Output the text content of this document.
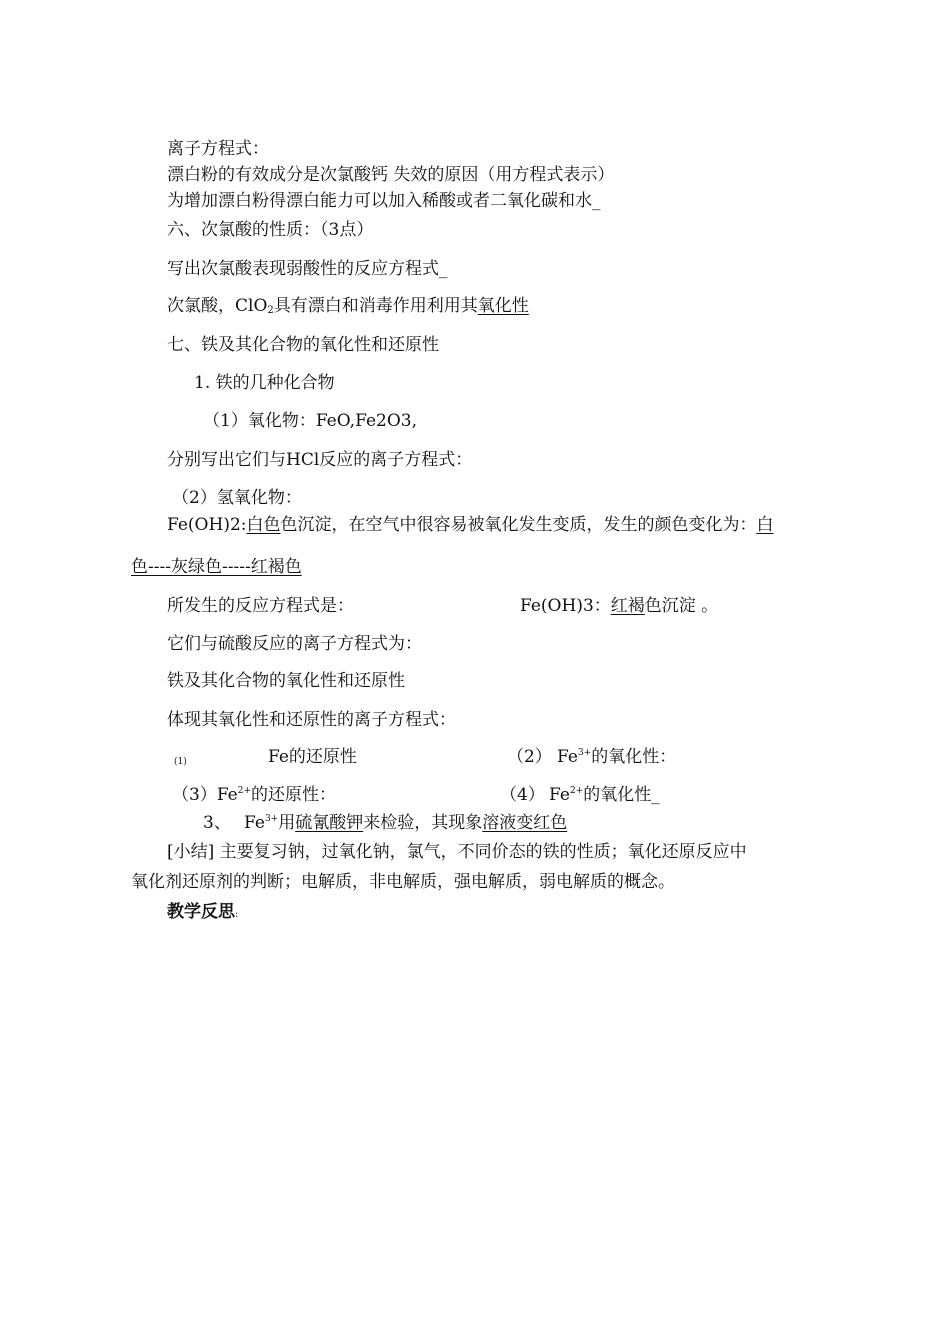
离子方程式：
漂白粉的有效成分是次氯酸钙 失效的原因（用方程式表示）
为增加漂白粉得漂白能力可以加入稀酸或者二氧化碳和水_
六、次氯酸的性质：（3点）
写出次氯酸表现弱酸性的反应方程式_
次氯酸，ClO$_2$具有漂白和消毒作用利用其氧化性
七、铁及其化合物的氧化性和还原性
1. 铁的几种化合物
（1）氧化物：FeO,Fe2O3,
分别写出它们与HCl反应的离子方程式：
（2）氢氧化物：
Fe(OH)2:白色色沉淀，在空气中很容易被氧化发生变质，发生的颜色变化为：白
色----灰绿色-----红褐色
所发生的反应方程式是：	Fe(OH)3：红褐色沉淀 。
它们与硫酸反应的离子方程式为：
铁及其化合物的氧化性和还原性
体现其氧化性和还原性的离子方程式：
(1)	Fe的还原性	（2） $Fe^{3+}$的氧化性：
$(3)Fe^{2+}$的还原性：	（4） $Fe^{2+}$的氧化性_
3、 $Fe^{3+}$用硫氰酸钾来检验，其现象溶液变红色
[小结] 主要复习钠，过氧化钠，氯气，不同价态的铁的性质；氧化还原反应中
氧化剂还原剂的判断；电解质，非电解质，强电解质，弱电解质的概念。
教学反思:
